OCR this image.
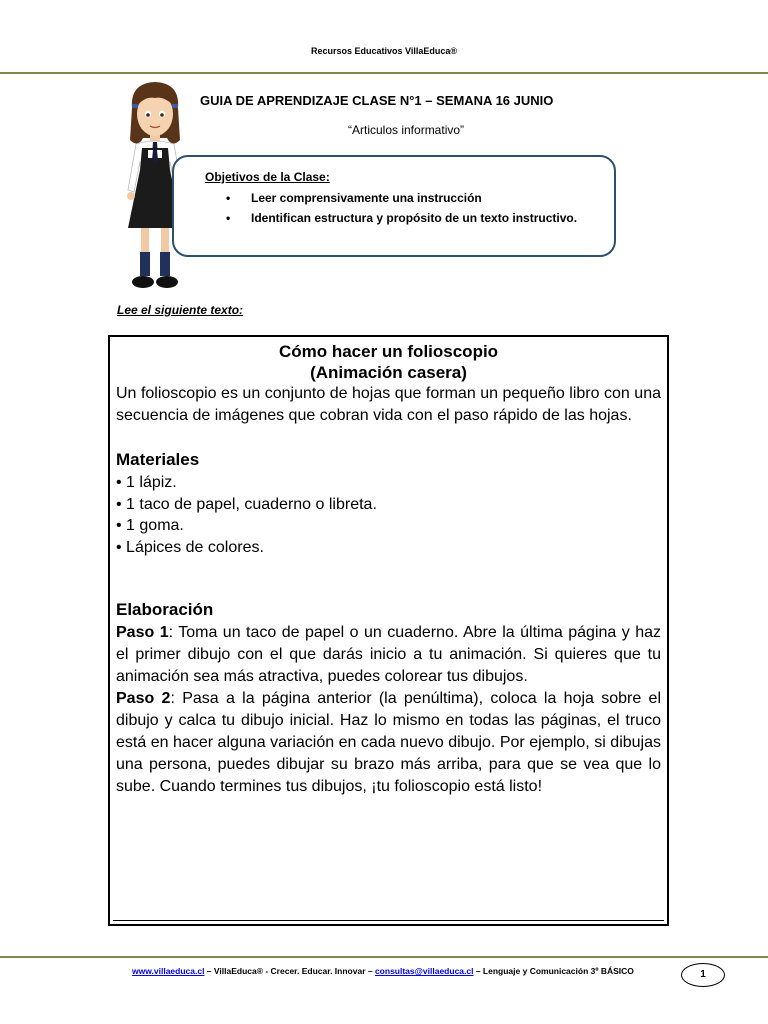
Recursos Educativos VillaEduca®
GUIA DE APRENDIZAJE CLASE N°1 – SEMANA 16 JUNIO
“Articulos informativo”
Objetivos de la Clase:
• Leer comprensivamente una instrucción
• Identifican estructura y propósito de un texto instructivo.
Lee el siguiente texto:
Cómo hacer un folioscopio
(Animación casera)

Un folioscopio es un conjunto de hojas que forman un pequeño libro con una secuencia de imágenes que cobran vida con el paso rápido de las hojas.

Materiales
• 1 lápiz.
• 1 taco de papel, cuaderno o libreta.
• 1 goma.
• Lápices de colores.
Elaboración

Paso 1: Toma un taco de papel o un cuaderno. Abre la última página y haz el primer dibujo con el que darás inicio a tu animación. Si quieres que tu animación sea más atractiva, puedes colorear tus dibujos.

Paso 2: Pasa a la página anterior (la penúltima), coloca la hoja sobre el dibujo y calca tu dibujo inicial. Haz lo mismo en todas las páginas, el truco está en hacer alguna variación en cada nuevo dibujo. Por ejemplo, si dibujas una persona, puedes dibujar su brazo más arriba, para que se vea que lo sube. Cuando termines tus dibujos, ¡tu folioscopio está listo!

www.villaeduca.cl – VillaEduca® - Crecer. Educar. Innovar – consultas@villaeduca.cl – Lenguaje y Comunicación 3º BÁSICO	1
